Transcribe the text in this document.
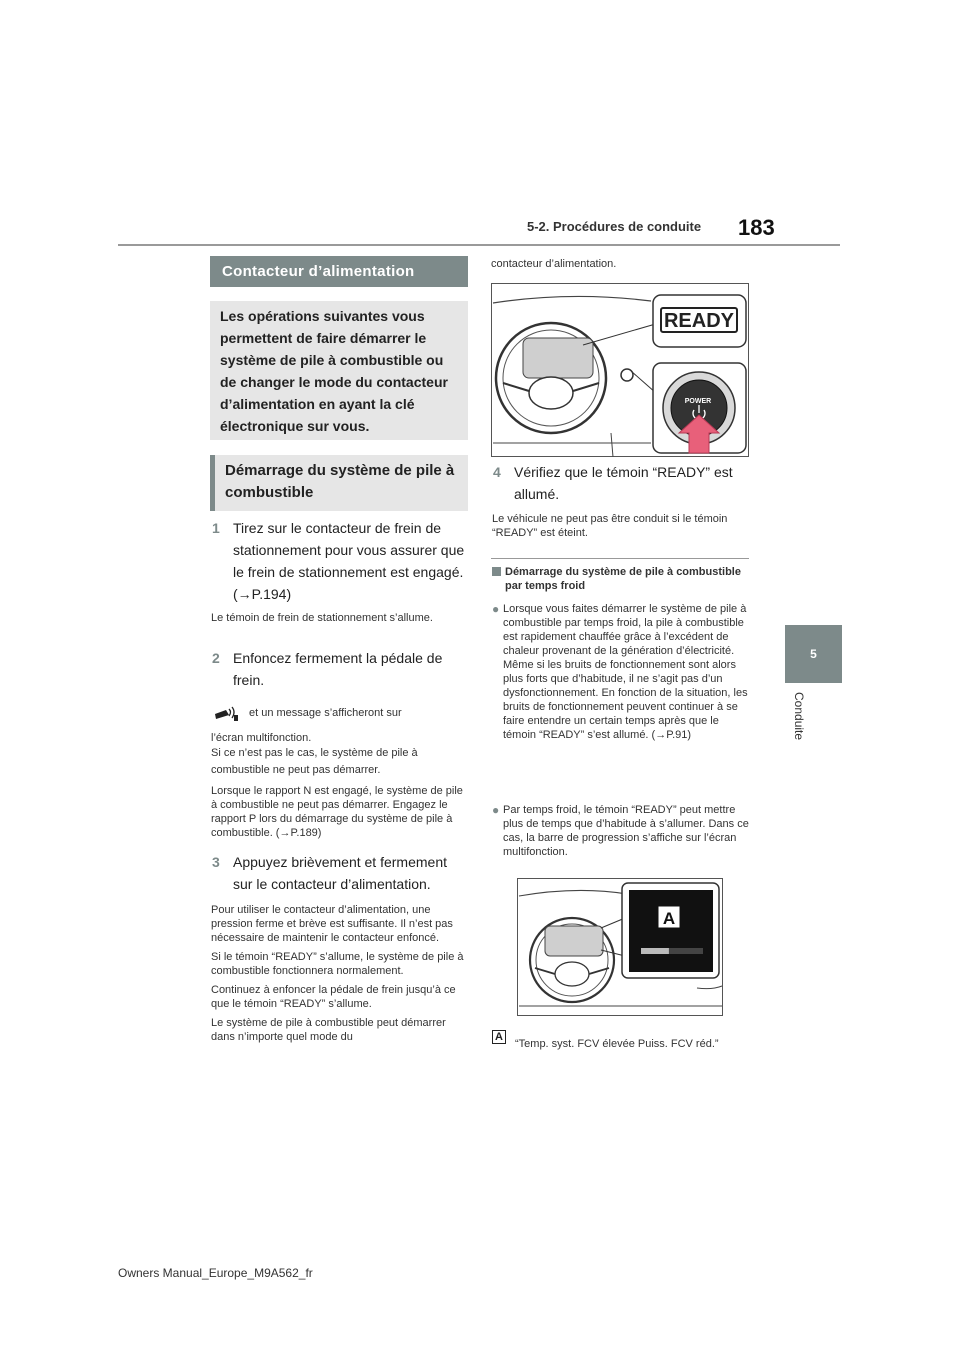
5-2. Procédures de conduite 183
5
Conduite
Contacteur d’alimentation
Les opérations suivantes vous permettent de faire démarrer le système de pile à combustible ou de changer le mode du contacteur d’alimentation en ayant la clé électronique sur vous.
Démarrage du système de pile à combustible
1 Tirez sur le contacteur de frein de stationnement pour vous assurer que le frein de stationnement est engagé. (→P.194)
Le témoin de frein de stationnement s’allume.
2 Enfoncez fermement la pédale de frein.
et un message s’afficheront sur

l’écran multifonction.

Si ce n’est pas le cas, le système de pile à combustible ne peut pas démarrer.

Lorsque le rapport N est engagé, le système de pile à combustible ne peut pas démarrer. Engagez le rapport P lors du démarrage du système de pile à combustible. (→P.189)

3 Appuyez brièvement et fermement sur le contacteur d’alimentation.

Pour utiliser le contacteur d’alimentation, une pression ferme et brève est suffisante. Il n’est pas nécessaire de maintenir le contacteur enfoncé.

Si le témoin “READY” s’allume, le système de pile à combustible fonctionnera normalement.

Continuez à enfoncer la pédale de frein jusqu’à ce que le témoin “READY” s’allume.

Le système de pile à combustible peut démarrer dans n’importe quel mode du

contacteur d’alimentation.
READY
POWER
4 Vérifiez que le témoin “READY” est allumé.
Le véhicule ne peut pas être conduit si le témoin “READY” est éteint.
Démarrage du système de pile à combustible par temps froid
● Lorsque vous faites démarrer le système de pile à combustible par temps froid, la pile à combustible est rapidement chauffée grâce à l’excédent de chaleur provenant de la génération d’électricité. Même si les bruits de fonctionnement sont alors plus forts que d’habitude, il ne s’agit pas d’un dysfonctionnement. En fonction de la situation, les bruits de fonctionnement peuvent continuer à se faire entendre un certain temps après que le témoin “READY” s’est allumé. (→P.91)
● Par temps froid, le témoin “READY” peut mettre plus de temps que d’habitude à s’allumer. Dans ce cas, la barre de progression s’affiche sur l’écran multifonction.
A
A
“Temp. syst. FCV élevée Puiss. FCV réd.”
Owners Manual_Europe_M9A562_fr
